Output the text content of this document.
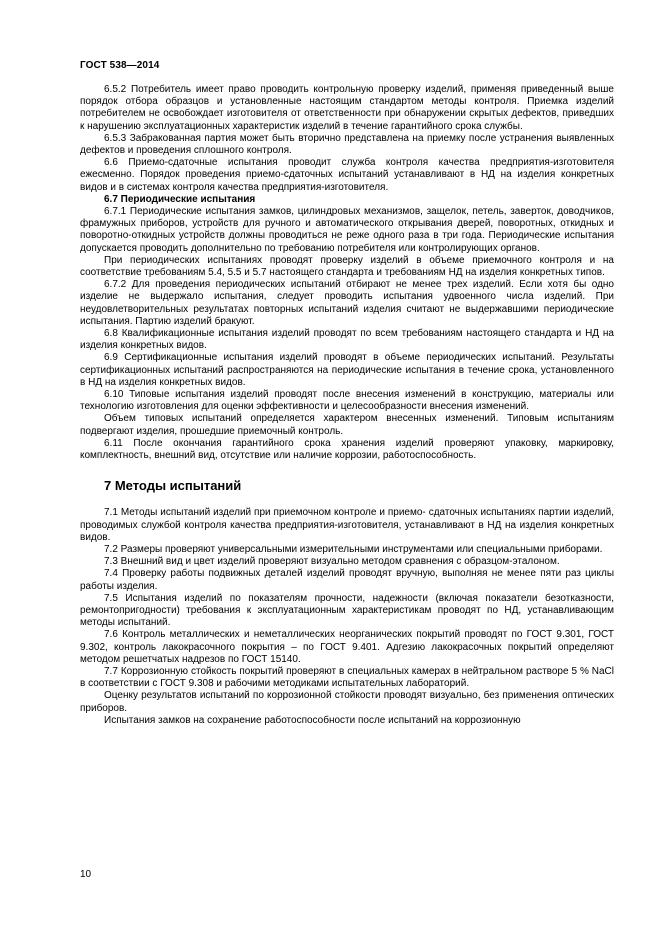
ГОСТ 538—2014

6.5.2 Потребитель имеет право проводить контрольную проверку изделий, применяя приведенный выше порядок отбора образцов и установленные настоящим стандартом методы контроля. Приемка изделий потребителем не освобождает изготовителя от ответственности при обнаружении скрытых дефектов, приведших к нарушению эксплуатационных характеристик изделий в течение гарантийного срока службы.

6.5.3 Забракованная партия может быть вторично представлена на приемку после устранения выявленных дефектов и проведения сплошного контроля.

6.6 Приемо-сдаточные испытания проводит служба контроля качества предприятия-изготовителя ежесменно. Порядок проведения приемо-сдаточных испытаний устанавливают в НД на изделия конкретных видов и в системах контроля качества предприятия-изготовителя.

6.7 Периодические испытания

6.7.1 Периодические испытания замков, цилиндровых механизмов, защелок, петель, заверток, доводчиков, фрамужных приборов, устройств для ручного и автоматического открывания дверей, поворотных, откидных и поворотно-откидных устройств должны проводиться не реже одного раза в три года. Периодические испытания допускается проводить дополнительно по требованию потребителя или контролирующих органов.

При периодических испытаниях проводят проверку изделий в объеме приемочного контроля и на соответствие требованиям 5.4, 5.5 и 5.7 настоящего стандарта и требованиям НД на изделия конкретных типов.

6.7.2 Для проведения периодических испытаний отбирают не менее трех изделий. Если хотя бы одно изделие не выдержало испытания, следует проводить испытания удвоенного числа изделий. При неудовлетворительных результатах повторных испытаний изделия считают не выдержавшими периодические испытания. Партию изделий бракуют.

6.8 Квалификационные испытания изделий проводят по всем требованиям настоящего стандарта и НД на изделия конкретных видов.

6.9 Сертификационные испытания изделий проводят в объеме периодических испытаний. Результаты сертификационных испытаний распространяются на периодические испытания в течение срока, установленного в НД на изделия конкретных видов.

6.10 Типовые испытания изделий проводят после внесения изменений в конструкцию, материалы или технологию изготовления для оценки эффективности и целесообразности внесения изменений.

Объем типовых испытаний определяется характером внесенных изменений. Типовым испытаниям подвергают изделия, прошедшие приемочный контроль.

6.11 После окончания гарантийного срока хранения изделий проверяют упаковку, маркировку, комплектность, внешний вид, отсутствие или наличие коррозии, работоспособность.

7 Методы испытаний

7.1 Методы испытаний изделий при приемочном контроле и приемо- сдаточных испытаниях партии изделий, проводимых службой контроля качества предприятия-изготовителя, устанавливают в НД на изделия конкретных видов.

7.2 Размеры проверяют универсальными измерительными инструментами или специальными приборами.

7.3 Внешний вид и цвет изделий проверяют визуально методом сравнения с образцом-эталоном.

7.4 Проверку работы подвижных деталей изделий проводят вручную, выполняя не менее пяти раз циклы работы изделия.

7.5 Испытания изделий по показателям прочности, надежности (включая показатели безотказности, ремонтопригодности) требования к эксплуатационным характеристикам проводят по НД, устанавливающим методы испытаний.

7.6 Контроль металлических и неметаллических неорганических покрытий проводят по ГОСТ 9.301, ГОСТ 9.302, контроль лакокрасочного покрытия – по ГОСТ 9.401. Адгезию лакокрасочных покрытий определяют методом решетчатых надрезов по ГОСТ 15140.

7.7 Коррозионную стойкость покрытий проверяют в специальных камерах в нейтральном растворе 5 % NaCl в соответствии с ГОСТ 9.308 и рабочими методиками испытательных лабораторий.

Оценку результатов испытаний по коррозионной стойкости проводят визуально, без применения оптических приборов.

Испытания замков на сохранение работоспособности после испытаний на коррозионную

10
